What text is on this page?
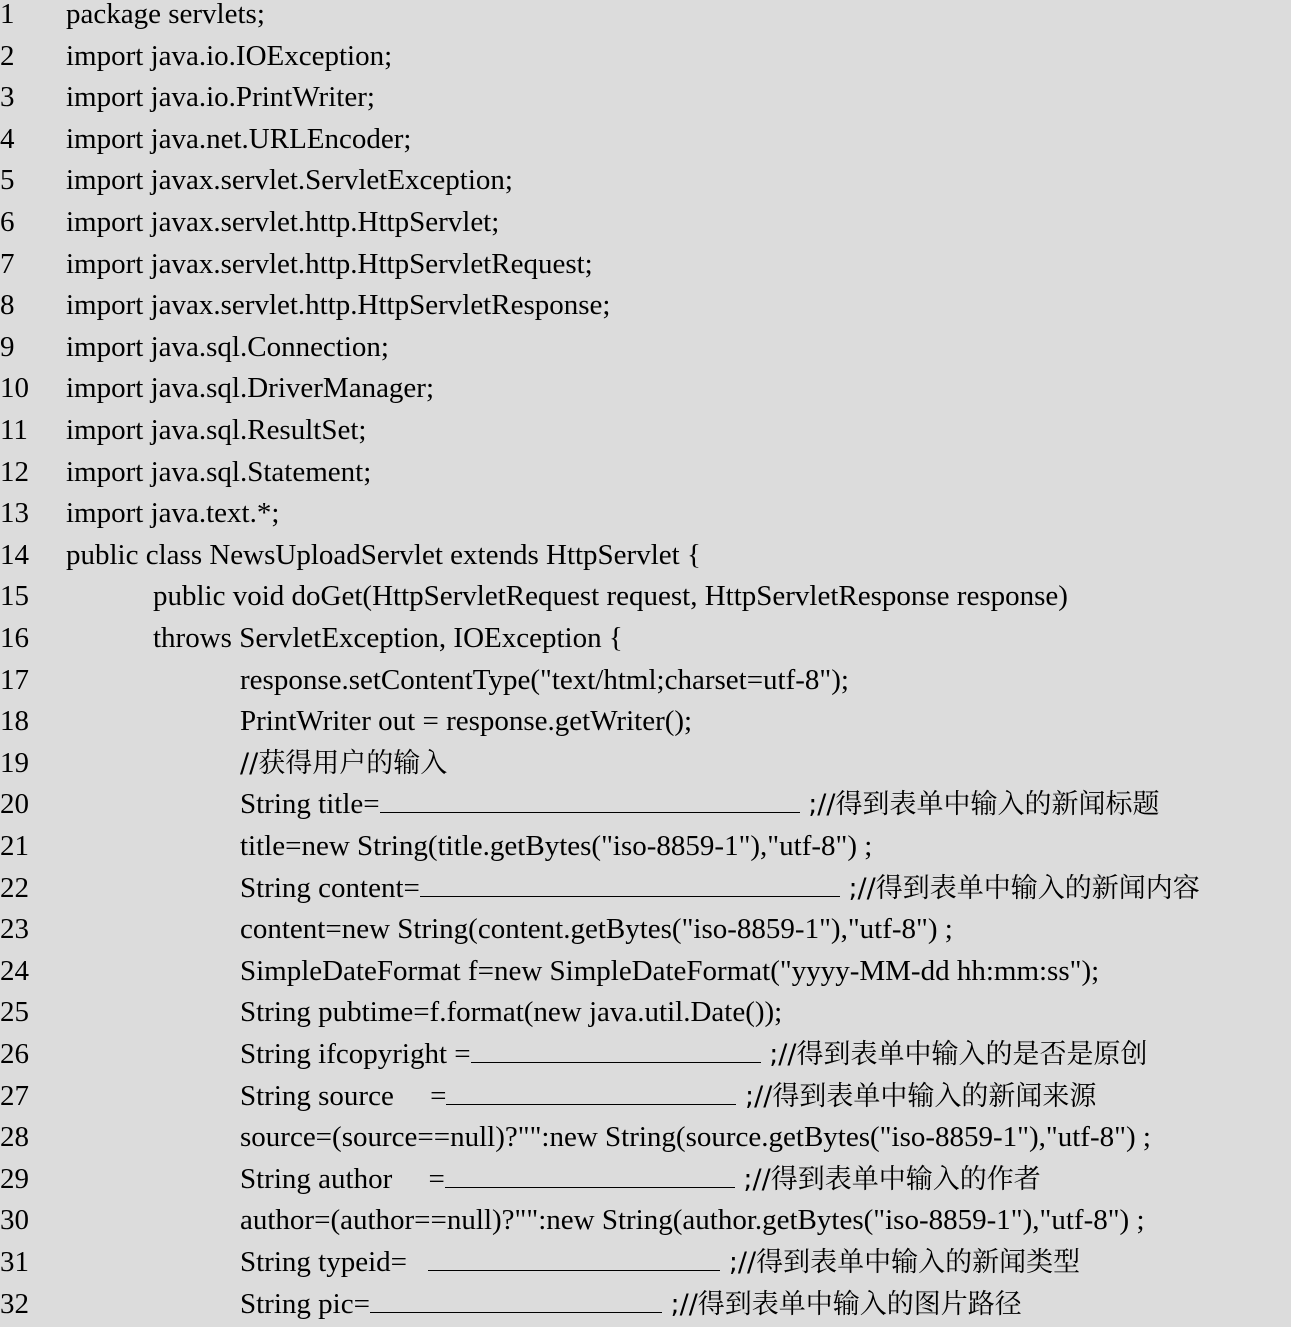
1 package servlets;
2 import java.io.IOException;
3 import java.io.PrintWriter;
4 import java.net.URLEncoder;
5 import javax.servlet.ServletException;
6 import javax.servlet.http.HttpServlet;
7 import javax.servlet.http.HttpServletRequest;
8 import javax.servlet.http.HttpServletResponse;
9 import java.sql.Connection;
10 import java.sql.DriverManager;
11 import java.sql.ResultSet;
12 import java.sql.Statement;
13 import java.text.*;
14 public class NewsUploadServlet extends HttpServlet {
15	public void doGet(HttpServletRequest request, HttpServletResponse response)
16	throws ServletException, IOException {
17	response.setContentType("text/html;charset=utf-8");
18	PrintWriter out = response.getWriter();
19	//获得用户的输入
20	String title=	;//得到表单中输入的新闻标题
21	title=new String(title.getBytes("iso-8859-1"),"utf-8") ;
22	String content=	;//得到表单中输入的新闻内容
23	content=new String(content.getBytes("iso-8859-1"),"utf-8") ;
24	SimpleDateFormat f=new SimpleDateFormat("yyyy-MM-dd hh:mm:ss");
25	String pubtime=f.format(new java.util.Date());
26	String ifcopyright =	;//得到表单中输入的是否是原创
27	String source     =	;//得到表单中输入的新闻来源
28	source=(source==null)?"":new String(source.getBytes("iso-8859-1"),"utf-8") ;
29	String author     =	;//得到表单中输入的作者
30	author=(author==null)?"":new String(author.getBytes("iso-8859-1"),"utf-8") ;
31	String typeid=	;//得到表单中输入的新闻类型
32	String pic=	;//得到表单中输入的图片路径
